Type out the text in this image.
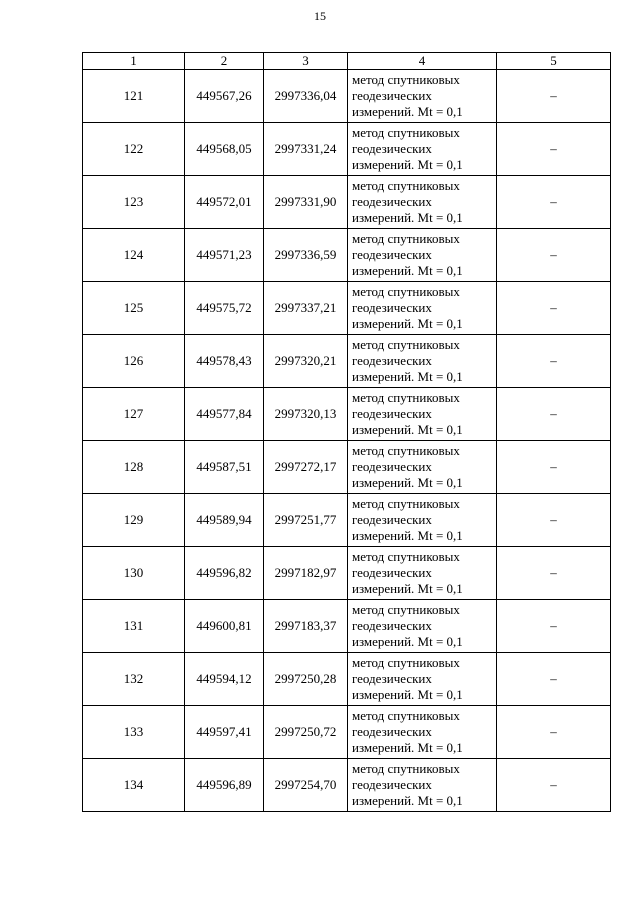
15
1	2	3	4	5
121	449567,26	2997336,04	метод спутниковых
геодезических
измерений. Mt = 0,1	–
122	449568,05	2997331,24	метод спутниковых
геодезических
измерений. Mt = 0,1	–
123	449572,01	2997331,90	метод спутниковых
геодезических
измерений. Mt = 0,1	–
124	449571,23	2997336,59	метод спутниковых
геодезических
измерений. Mt = 0,1	–
125	449575,72	2997337,21	метод спутниковых
геодезических
измерений. Mt = 0,1	–
126	449578,43	2997320,21	метод спутниковых
геодезических
измерений. Mt = 0,1	–
127	449577,84	2997320,13	метод спутниковых
геодезических
измерений. Mt = 0,1	–
128	449587,51	2997272,17	метод спутниковых
геодезических
измерений. Mt = 0,1	–
129	449589,94	2997251,77	метод спутниковых
геодезических
измерений. Mt = 0,1	–
130	449596,82	2997182,97	метод спутниковых
геодезических
измерений. Mt = 0,1	–
131	449600,81	2997183,37	метод спутниковых
геодезических
измерений. Mt = 0,1	–
132	449594,12	2997250,28	метод спутниковых
геодезических
измерений. Mt = 0,1	–
133	449597,41	2997250,72	метод спутниковых
геодезических
измерений. Mt = 0,1	–
134	449596,89	2997254,70	метод спутниковых
геодезических
измерений. Mt = 0,1	–
